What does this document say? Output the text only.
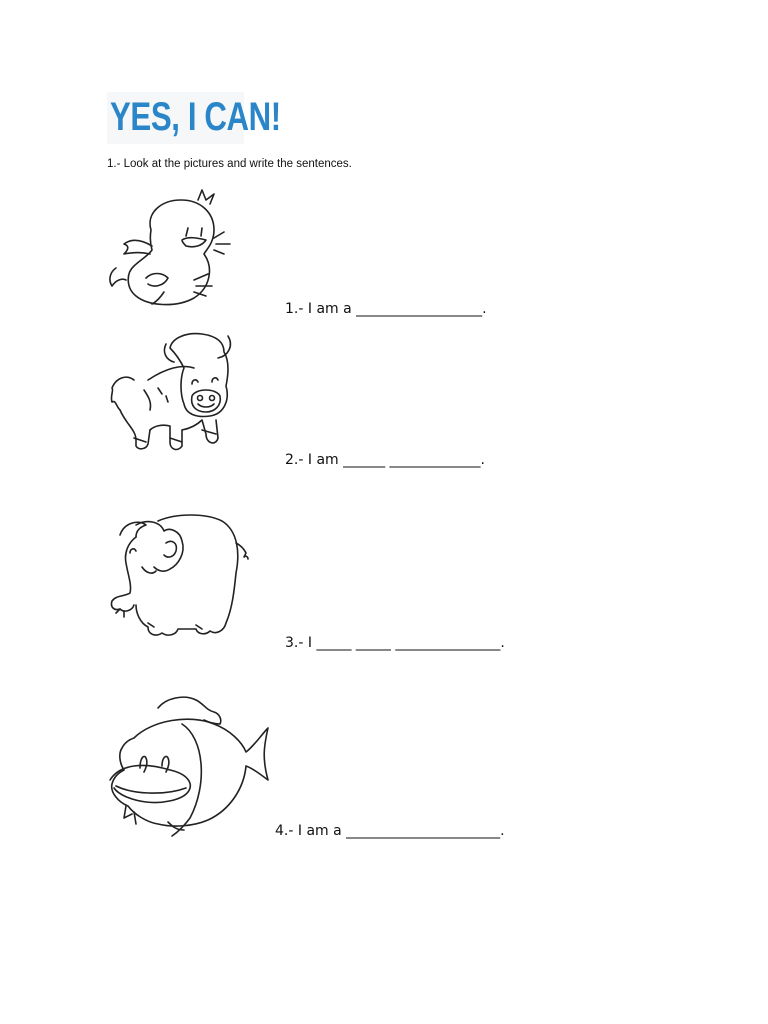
YES, I CAN!
1.- Look at the pictures and write the sentences.
1.- I am a __________________.
2.- I am ______ _____________.
3.- I _____ _____ _______________.
4.- I am a ______________________.
